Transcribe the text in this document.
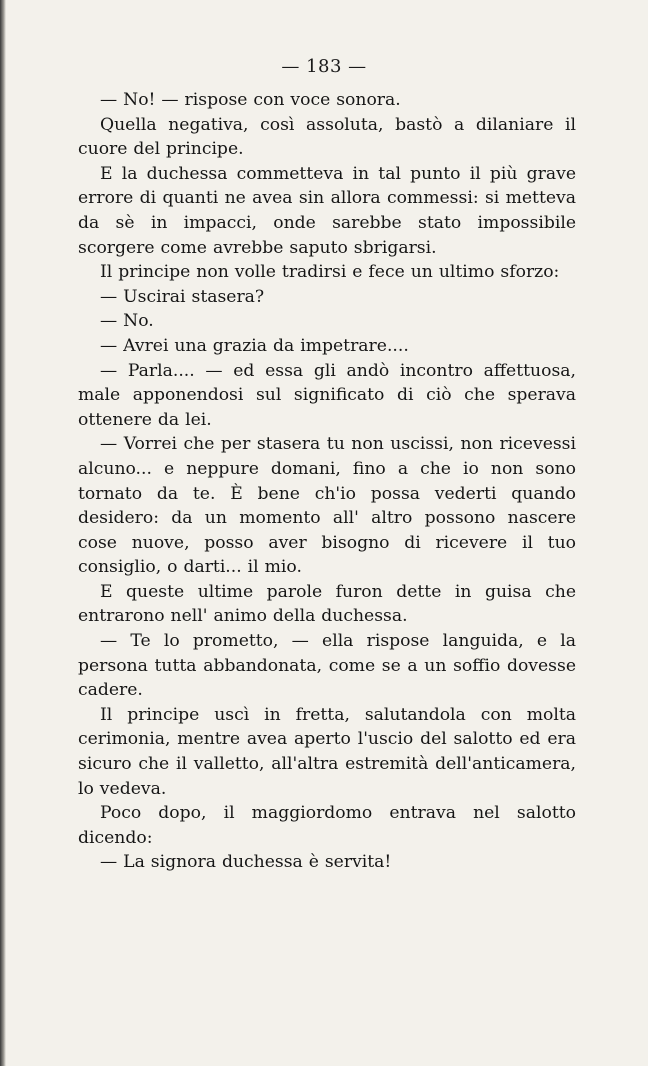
— 183 —

— No! — rispose con voce sonora.

Quella negativa, così assoluta, bastò a dilaniare il cuore del principe.

E la duchessa commetteva in tal punto il più grave errore di quanti ne avea sin allora commessi: si metteva da sè in impacci, onde sarebbe stato impossibile scorgere come avrebbe saputo sbrigarsi.

Il principe non volle tradirsi e fece un ultimo sforzo:

— Uscirai stasera?

— No.

— Avrei una grazia da impetrare....

— Parla.... — ed essa gli andò incontro affettuosa, male apponendosi sul significato di ciò che sperava ottenere da lei.

— Vorrei che per stasera tu non uscissi, non ricevessi alcuno... e neppure domani, fino a che io non sono tornato da te. È bene ch'io possa vederti quando desidero: da un momento all' altro possono nascere cose nuove, posso aver bisogno di ricevere il tuo consiglio, o darti... il mio.

E queste ultime parole furon dette in guisa che entrarono nell' animo della duchessa.

— Te lo prometto, — ella rispose languida, e la persona tutta abbandonata, come se a un soffio dovesse cadere.

Il principe uscì in fretta, salutandola con molta cerimonia, mentre avea aperto l'uscio del salotto ed era sicuro che il valletto, all'altra estremità dell'anticamera, lo vedeva.

Poco dopo, il maggiordomo entrava nel salotto dicendo:

— La signora duchessa è servita!
